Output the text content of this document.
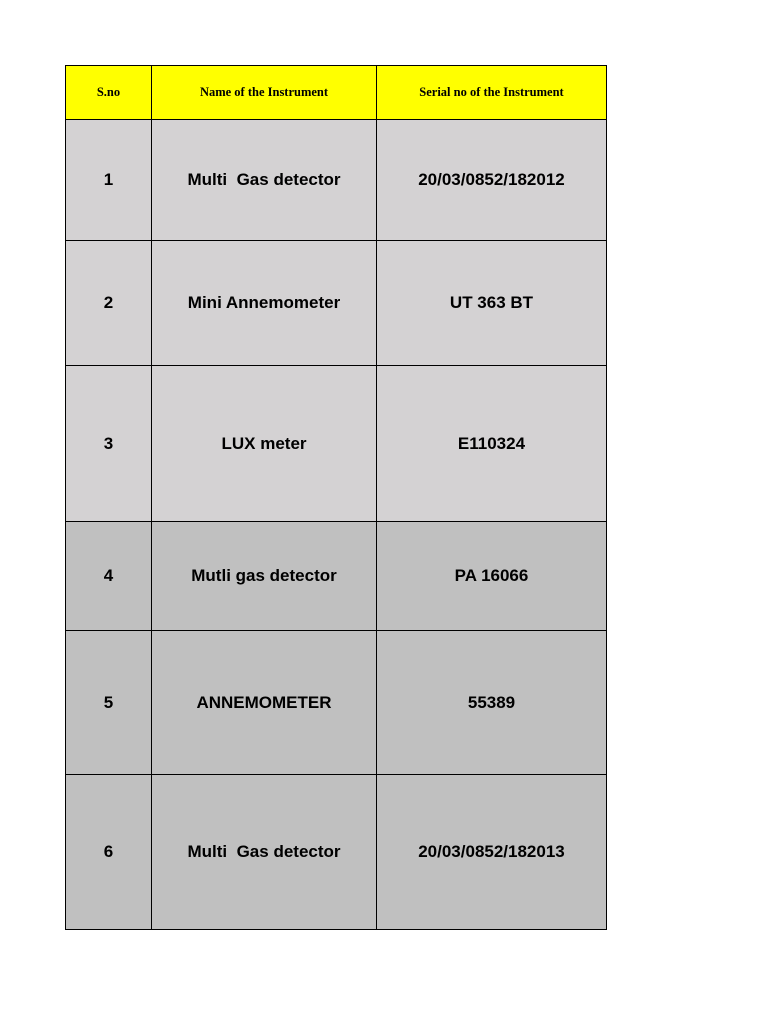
S.no	Name of the Instrument	Serial no of the Instrument
1	Multi  Gas detector	20/03/0852/182012
2	Mini Annemometer	UT 363 BT
3	LUX meter	E110324
4	Mutli gas detector	PA 16066
5	ANNEMOMETER	55389
6	Multi  Gas detector	20/03/0852/182013
